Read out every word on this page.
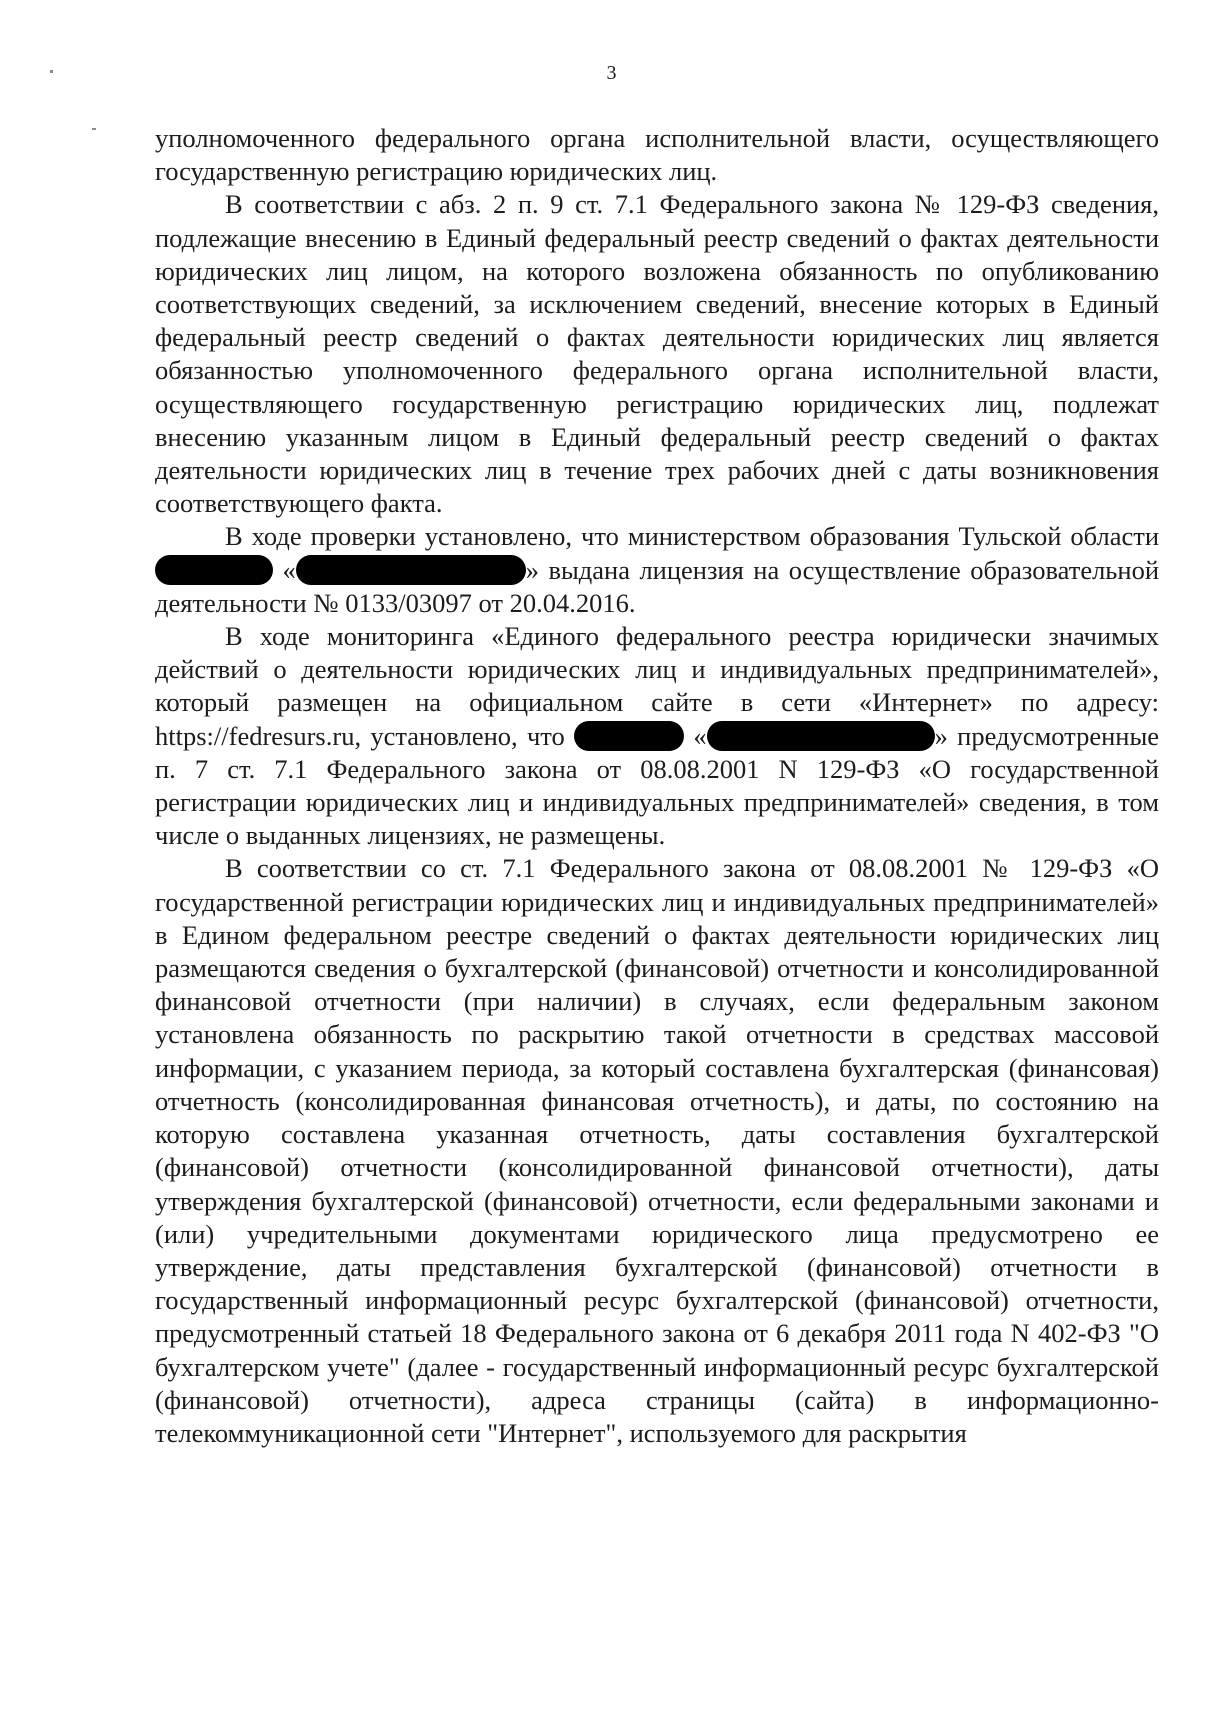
3

уполномоченного федерального органа исполнительной власти, осуществляющего государственную регистрацию юридических лиц.

В соответствии с абз. 2 п. 9 ст. 7.1 Федерального закона № 129-ФЗ сведения, подлежащие внесению в Единый федеральный реестр сведений о фактах деятельности юридических лиц лицом, на которого возложена обязанность по опубликованию соответствующих сведений, за исключением сведений, внесение которых в Единый федеральный реестр сведений о фактах деятельности юридических лиц является обязанностью уполномоченного федерального органа исполнительной власти, осуществляющего государственную регистрацию юридических лиц, подлежат внесению указанным лицом в Единый федеральный реестр сведений о фактах деятельности юридических лиц в течение трех рабочих дней с даты возникновения соответствующего факта.

В ходе проверки установлено, что министерством образования Тульской области  «	» выдана лицензия на осуществление образовательной деятельности № 0133/03097 от 20.04.2016.

В ходе мониторинга «Единого федерального реестра юридически значимых действий о деятельности юридических лиц и индивидуальных предпринимателей», который размещен на официальном сайте в сети «Интернет» по адресу: https://fedresurs.ru, установлено, что	«	» предусмотренные п. 7 ст. 7.1 Федерального закона от 08.08.2001 N 129-ФЗ «О государственной регистрации юридических лиц и индивидуальных предпринимателей» сведения, в том числе о выданных лицензиях, не размещены.

В соответствии со ст. 7.1 Федерального закона от 08.08.2001 № 129-ФЗ «О государственной регистрации юридических лиц и индивидуальных предпринимателей» в Едином федеральном реестре сведений о фактах деятельности юридических лиц размещаются сведения о бухгалтерской (финансовой) отчетности и консолидированной финансовой отчетности (при наличии) в случаях, если федеральным законом установлена обязанность по раскрытию такой отчетности в средствах массовой информации, с указанием периода, за который составлена бухгалтерская (финансовая) отчетность (консолидированная финансовая отчетность), и даты, по состоянию на которую составлена указанная отчетность, даты составления бухгалтерской (финансовой) отчетности (консолидированной финансовой отчетности), даты утверждения бухгалтерской (финансовой) отчетности, если федеральными законами и (или) учредительными документами юридического лица предусмотрено ее утверждение, даты представления бухгалтерской (финансовой) отчетности в государственный информационный ресурс бухгалтерской (финансовой) отчетности, предусмотренный статьей 18 Федерального закона от 6 декабря 2011 года N 402-ФЗ "О бухгалтерском учете" (далее - государственный информационный ресурс бухгалтерской (финансовой) отчетности), адреса страницы (сайта) в информационно-телекоммуникационной сети "Интернет", используемого для раскрытия
